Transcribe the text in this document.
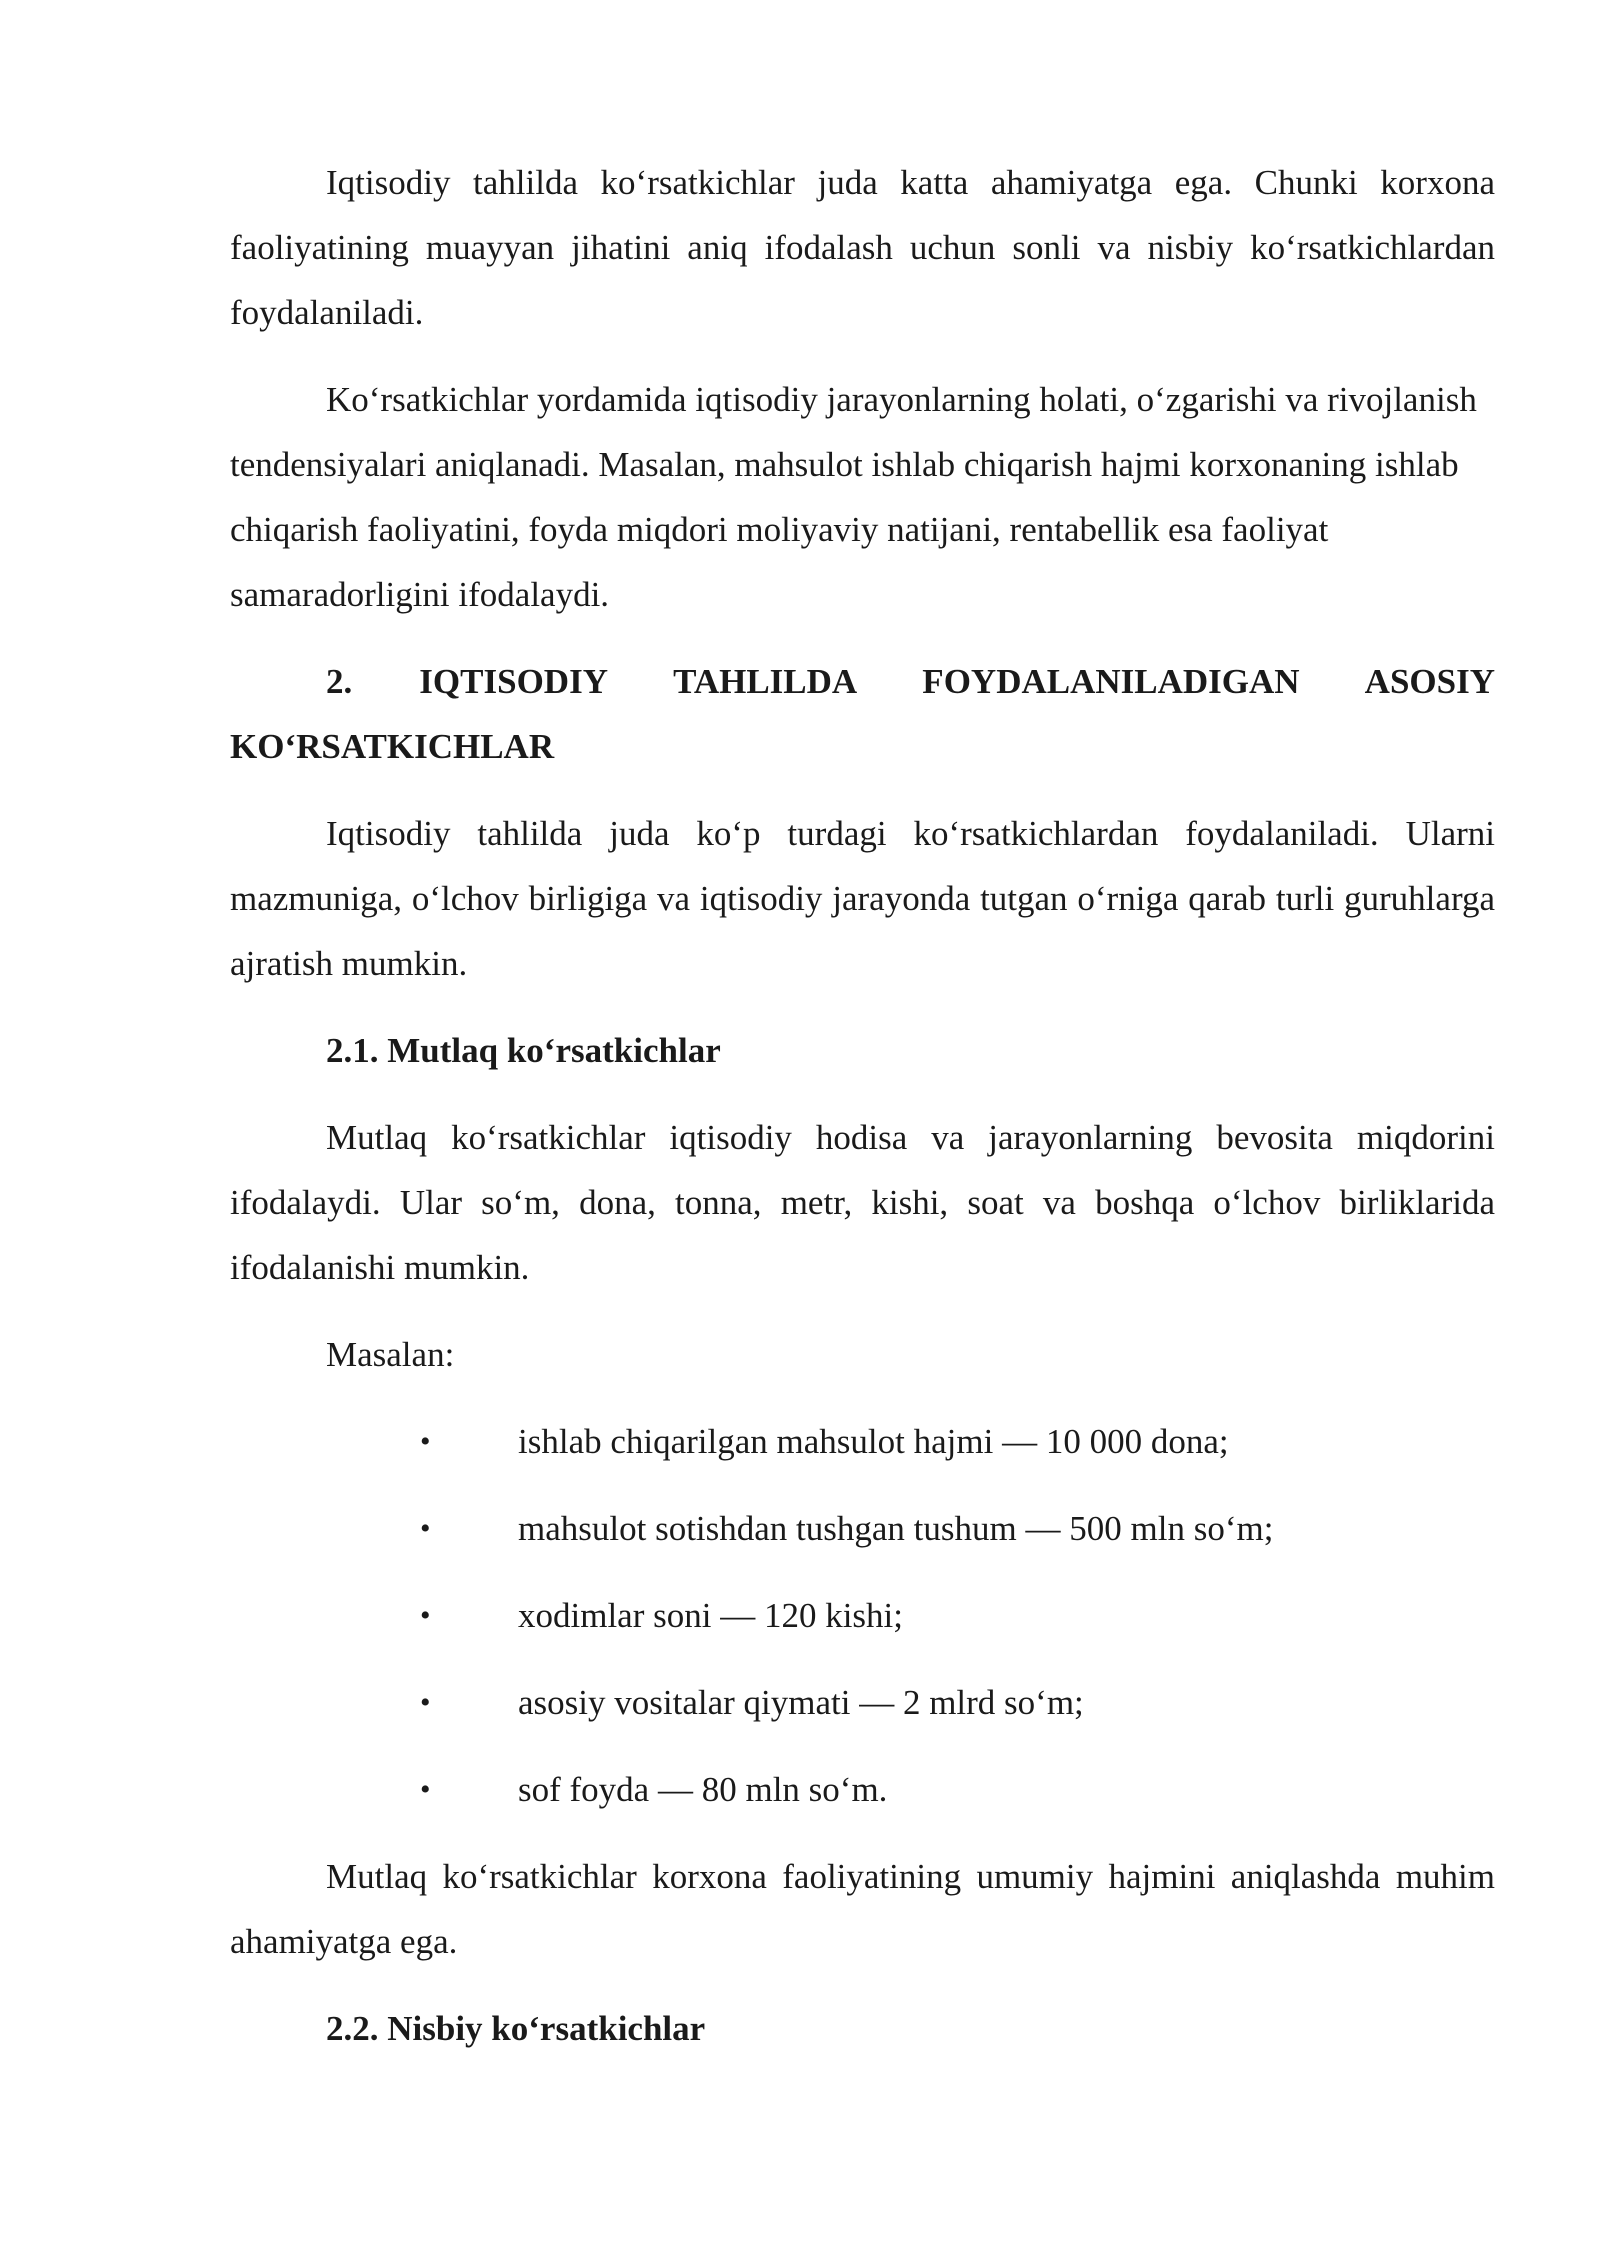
Iqtisodiy tahlilda koʻrsatkichlar juda katta ahamiyatga ega. Chunki korxona faoliyatining muayyan jihatini aniq ifodalash uchun sonli va nisbiy koʻrsatkichlardan foydalaniladi.

Koʻrsatkichlar yordamida iqtisodiy jarayonlarning holati, oʻzgarishi va rivojlanish tendensiyalari aniqlanadi. Masalan, mahsulot ishlab chiqarish hajmi korxonaning ishlab chiqarish faoliyatini, foyda miqdori moliyaviy natijani, rentabellik esa faoliyat samaradorligini ifodalaydi.

2. IQTISODIY TAHLILDA FOYDALANILADIGAN ASOSIY KOʻRSATKICHLAR

Iqtisodiy tahlilda juda koʻp turdagi koʻrsatkichlardan foydalaniladi. Ularni mazmuniga, oʻlchov birligiga va iqtisodiy jarayonda tutgan oʻrniga qarab turli guruhlarga ajratish mumkin.

2.1. Mutlaq koʻrsatkichlar

Mutlaq koʻrsatkichlar iqtisodiy hodisa va jarayonlarning bevosita miqdorini ifodalaydi. Ular soʻm, dona, tonna, metr, kishi, soat va boshqa oʻlchov birliklarida ifodalanishi mumkin.

Masalan:

• ishlab chiqarilgan mahsulot hajmi — 10 000 dona;
• mahsulot sotishdan tushgan tushum — 500 mln soʻm;
• xodimlar soni — 120 kishi;
• asosiy vositalar qiymati — 2 mlrd soʻm;
• sof foyda — 80 mln soʻm.

Mutlaq koʻrsatkichlar korxona faoliyatining umumiy hajmini aniqlashda muhim ahamiyatga ega.

2.2. Nisbiy koʻrsatkichlar
